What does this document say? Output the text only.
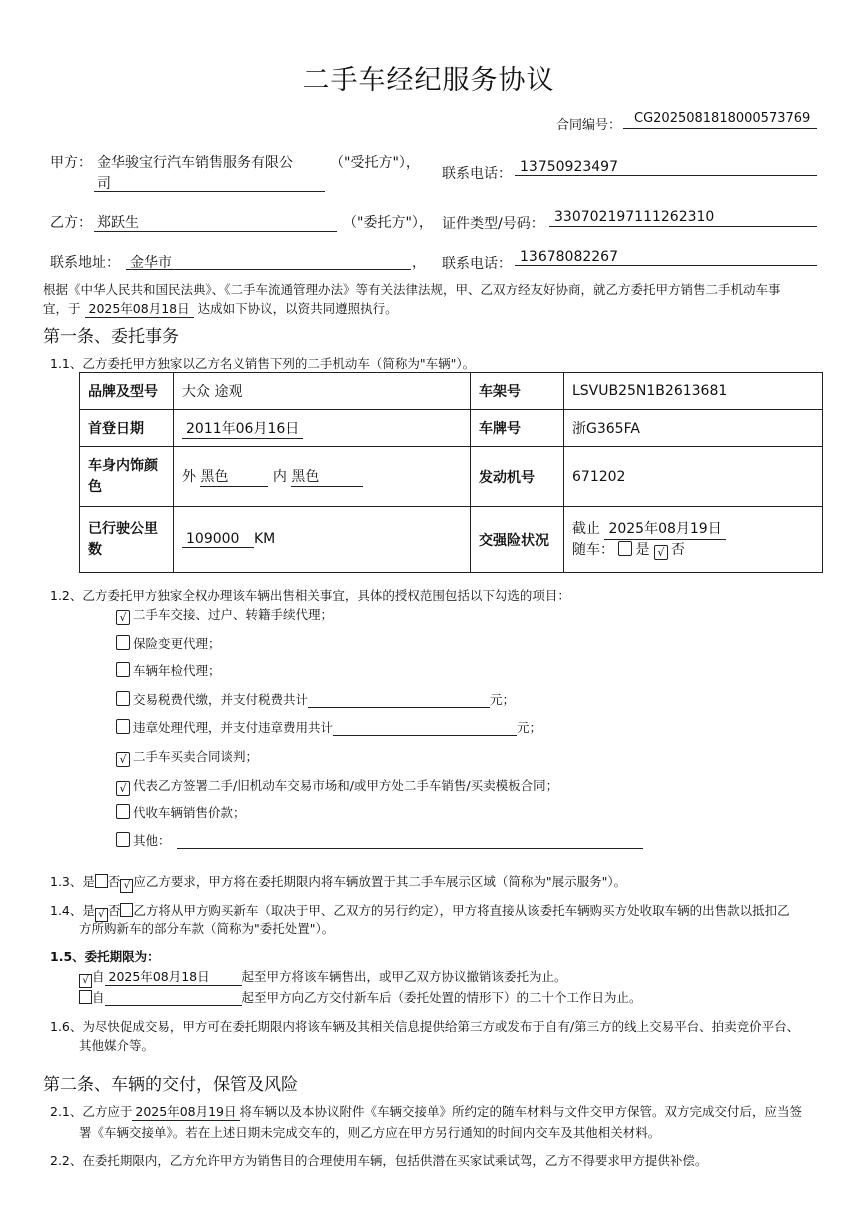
二手车经纪服务协议
合同编号： CG2025081818000573769
甲方： 金华骏宝行汽车销售服务有限公
司
（"受托方"），
联系电话： 13750923497
乙方： 郑跃生	（"委托方"）， 证件类型/号码： 330702197111262310
联系地址： 金华市	， 联系电话： 13678082267
根据《中华人民共和国民法典》、《二手车流通管理办法》等有关法律法规，甲、乙双方经友好协商，就乙方委托甲方销售二手机动车事
宜，于 2025年08月18日 达成如下协议，以资共同遵照执行。
第一条、委托事务
1.1、乙方委托甲方独家以乙方名义销售下列的二手机动车（简称为"车辆"）。
品牌及型号	大众 途观	车架号	LSVUB25N1B2613681
首登日期	2011年06月16日	车牌号	浙G365FA
车身内饰颜色	外 黑色 内 黑色	发动机号	671202
已行驶公里数	109000 KM	交强险状况	截止 2025年08月19日
随车： 是 √ 否
1.2、乙方委托甲方独家全权办理该车辆出售相关事宜，具体的授权范围包括以下勾选的项目：
√ 二手车交接、过户、转籍手续代理；
保险变更代理；
车辆年检代理；
交易税费代缴，并支付税费共计	元；
违章处理代理，并支付违章费用共计	元；
√ 二手车买卖合同谈判；
√ 代表乙方签署二手/旧机动车交易市场和/或甲方处二手车销售/买卖模板合同；
代收车辆销售价款；
其他：
1.3、是 否 √ 应乙方要求，甲方将在委托期限内将车辆放置于其二手车展示区域（简称为"展示服务"）。
1.4、是 √ 否 乙方将从甲方购买新车（取决于甲、乙双方的另行约定），甲方将直接从该委托车辆购买方处收取车辆的出售款以抵扣乙
方所购新车的部分车款（简称为"委托处置"）。
1.5、委托期限为：
√ 自 2025年08月18日	起至甲方将该车辆售出，或甲乙双方协议撤销该委托为止。
自	起至甲方向乙方交付新车后（委托处置的情形下）的二十个工作日为止。
1.6、为尽快促成交易，甲方可在委托期限内将该车辆及其相关信息提供给第三方或发布于自有/第三方的线上交易平台、拍卖竞价平台、
其他媒介等。
第二条、车辆的交付，保管及风险
2.1、乙方应于 2025年08月19日 将车辆以及本协议附件《车辆交接单》所约定的随车材料与文件交甲方保管。双方完成交付后，应当签
署《车辆交接单》。若在上述日期未完成交车的，则乙方应在甲方另行通知的时间内交车及其他相关材料。
2.2、在委托期限内，乙方允许甲方为销售目的合理使用车辆，包括供潜在买家试乘试驾，乙方不得要求甲方提供补偿。
